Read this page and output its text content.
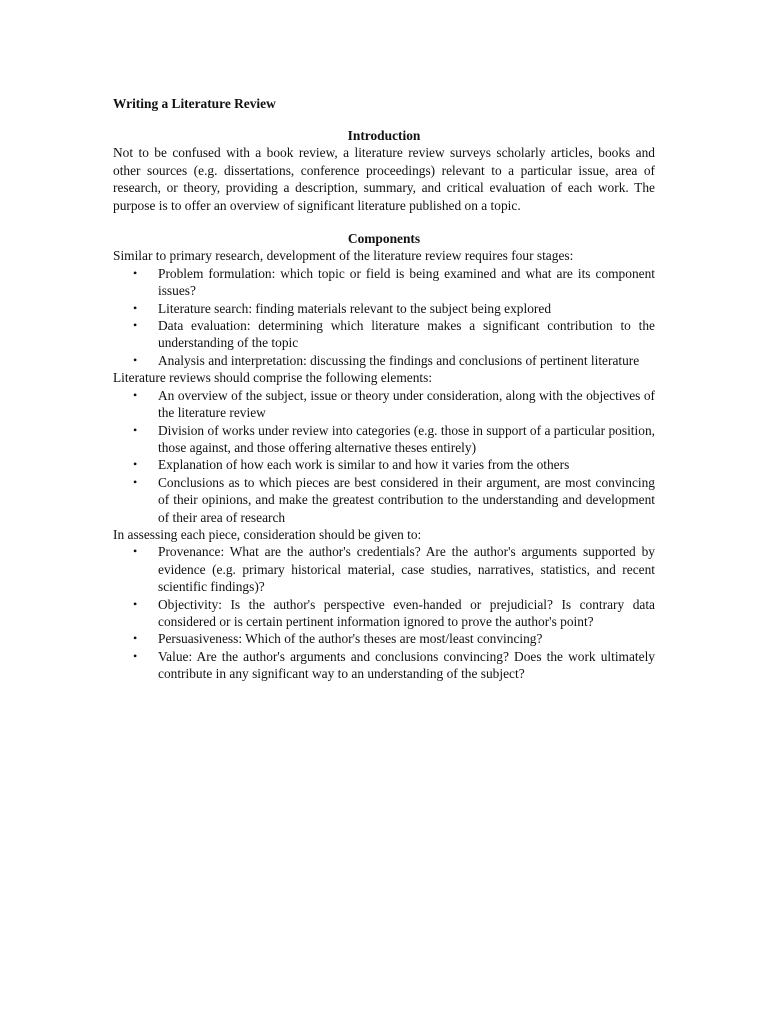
Writing a Literature Review

Introduction

Not to be confused with a book review, a literature review surveys scholarly articles, books and other sources (e.g. dissertations, conference proceedings) relevant to a particular issue, area of research, or theory, providing a description, summary, and critical evaluation of each work. The purpose is to offer an overview of significant literature published on a topic.

Components

Similar to primary research, development of the literature review requires four stages:

• Problem formulation: which topic or field is being examined and what are its component issues?
• Literature search: finding materials relevant to the subject being explored
• Data evaluation: determining which literature makes a significant contribution to the understanding of the topic
• Analysis and interpretation: discussing the findings and conclusions of pertinent literature

Literature reviews should comprise the following elements:

• An overview of the subject, issue or theory under consideration, along with the objectives of the literature review
• Division of works under review into categories (e.g. those in support of a particular position, those against, and those offering alternative theses entirely)
• Explanation of how each work is similar to and how it varies from the others
• Conclusions as to which pieces are best considered in their argument, are most convincing of their opinions, and make the greatest contribution to the understanding and development of their area of research

In assessing each piece, consideration should be given to:

• Provenance: What are the author's credentials? Are the author's arguments supported by evidence (e.g. primary historical material, case studies, narratives, statistics, and recent scientific findings)?
• Objectivity: Is the author's perspective even-handed or prejudicial? Is contrary data considered or is certain pertinent information ignored to prove the author's point?
• Persuasiveness: Which of the author's theses are most/least convincing?
• Value: Are the author's arguments and conclusions convincing? Does the work ultimately contribute in any significant way to an understanding of the subject?
